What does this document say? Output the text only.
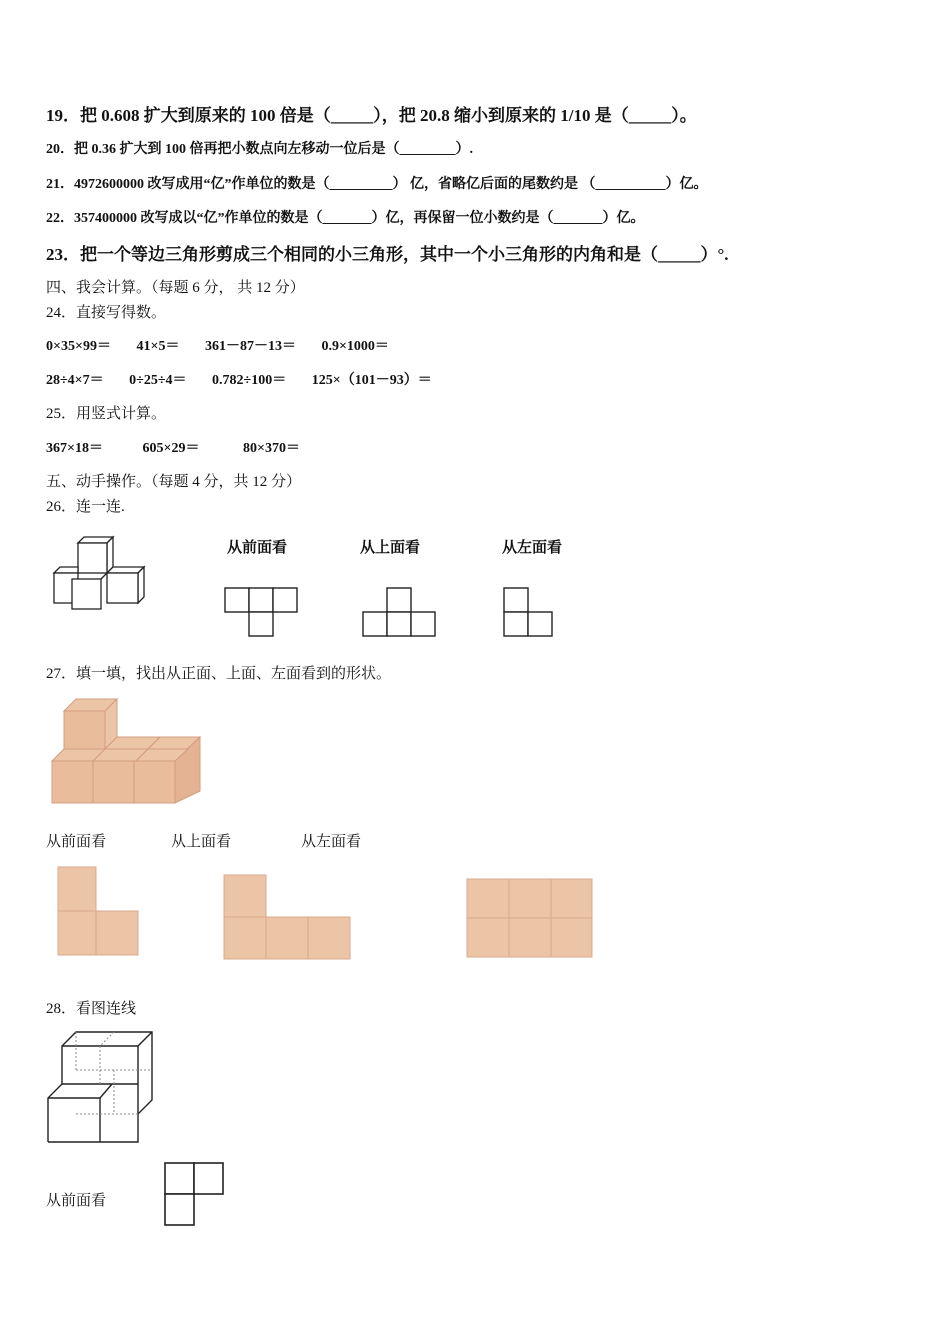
19．把 0.608 扩大到原来的 100 倍是（_____），把 20.8 缩小到原来的 1/10 是（_____）。
20．把 0.36 扩大到 100 倍再把小数点向左移动一位后是（________）.
21．4972600000 改写成用“亿”作单位的数是（_________） 亿，省略亿后面的尾数约是 （__________）亿。
22．357400000 改写成以“亿”作单位的数是（_______）亿，再保留一位小数约是（_______）亿。
23．把一个等边三角形剪成三个相同的小三角形，其中一个小三角形的内角和是（_____）°.
四、我会计算。（每题 6 分， 共 12 分）
24．直接写得数。
0×35×99＝ 41×5＝ 361－87－13＝ 0.9×1000＝
28÷4×7＝ 0÷25÷4＝ 0.782÷100＝ 125×（101－93）＝
25．用竖式计算。
367×18＝	605×29＝	80×370＝
五、动手操作。（每题 4 分，共 12 分）
26．连一连.
从前面看	从上面看	从左面看
27．填一填，找出从正面、上面、左面看到的形状。
从前面看	从上面看	从左面看
28．看图连线
从前面看
